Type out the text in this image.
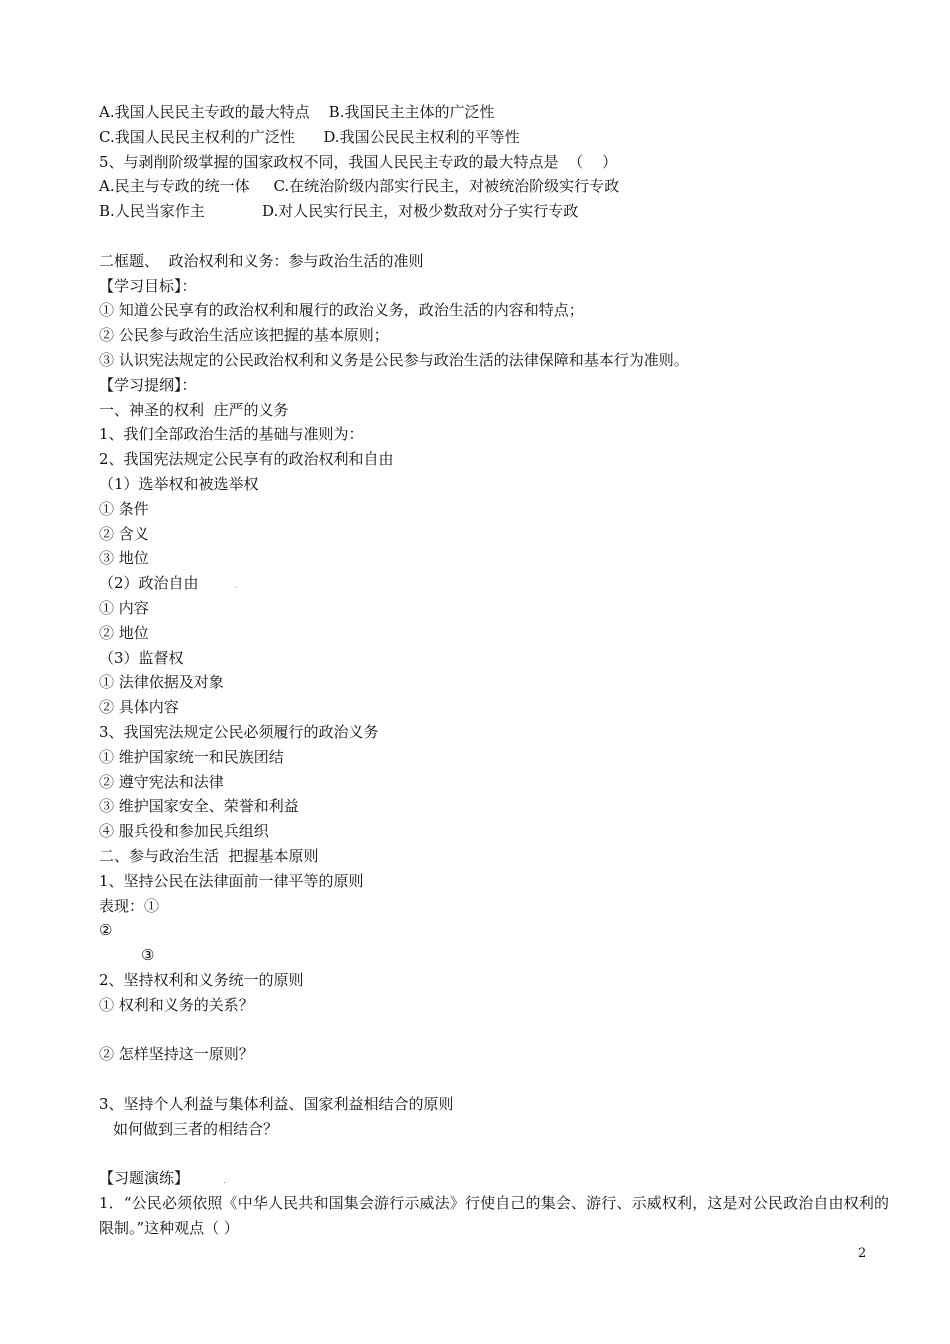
A.我国人民民主专政的最大特点    B.我国民主主体的广泛性
C.我国人民民主权利的广泛性      D.我国公民民主权利的平等性
5、与剥削阶级掌握的国家政权不同，我国人民民主专政的最大特点是  （    ）
A.民主与专政的统一体     C.在统治阶级内部实行民主，对被统治阶级实行专政
B.人民当家作主            D.对人民实行民主，对极少数敌对分子实行专政
二框题、  政治权利和义务：参与政治生活的准则
【学习目标】：
① 知道公民享有的政治权利和履行的政治义务，政治生活的内容和特点；
② 公民参与政治生活应该把握的基本原则；
③ 认识宪法规定的公民政治权利和义务是公民参与政治生活的法律保障和基本行为准则。
【学习提纲】：
一、神圣的权利  庄严的义务
1、我们全部政治生活的基础与准则为：
2、我国宪法规定公民享有的政治权利和自由
（1）选举权和被选举权
① 条件
② 含义
③ 地位
（2）政治自由	.
① 内容
② 地位
（3）监督权
① 法律依据及对象
② 具体内容
3、我国宪法规定公民必须履行的政治义务
① 维护国家统一和民族团结
② 遵守宪法和法律
③ 维护国家安全、荣誉和利益
④ 服兵役和参加民兵组织
二、参与政治生活  把握基本原则
1、坚持公民在法律面前一律平等的原则
表现：①
②
③
2、坚持权利和义务统一的原则
① 权利和义务的关系？
② 怎样坚持这一原则？
3、坚持个人利益与集体利益、国家利益相结合的原则
如何做到三者的相结合？
【习题演练】	.
1．“公民必须依照《中华人民共和国集会游行示威法》行使自己的集会、游行、示威权利，这是对公民政治自由权利的限制。”这种观点（ ）
2
